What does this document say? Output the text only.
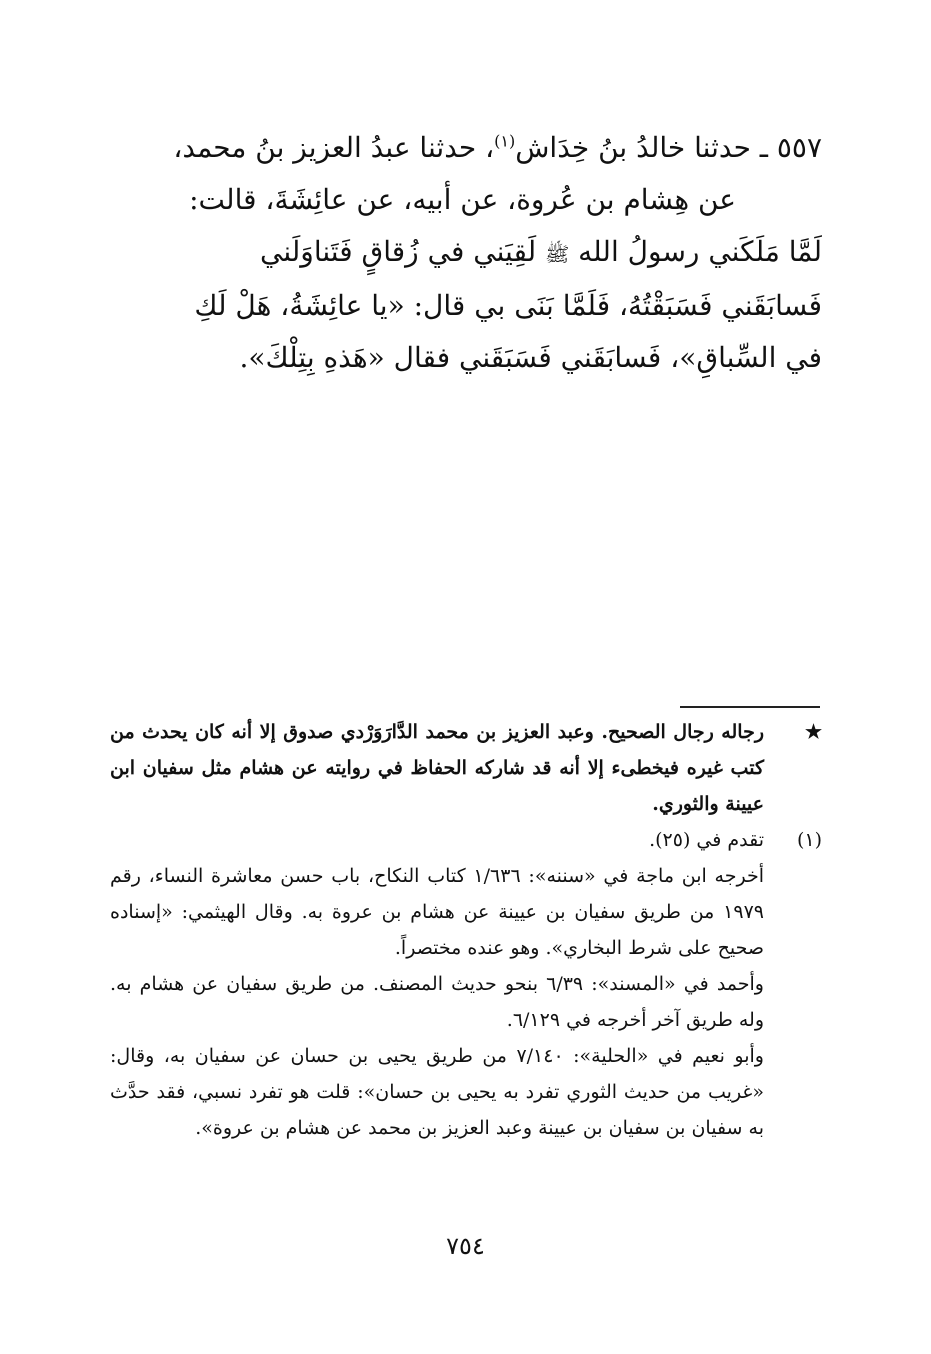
٥٥٧ ـ حدثنا خالدُ بنُ خِدَاش$^{(١)}$، حدثنا عبدُ العزيز بنُ محمد،
عن هِشام بن عُروة، عن أبيه، عن عائِشَةَ، قالت:
لَمَّا مَلَكَني رسولُ الله ﷺ لَقِيَني في زُقاقٍ فَتَناوَلَني
فَسابَقَني فَسَبَقْتُهُ، فَلَمَّا بَنَى بي قال: «يا عائِشَةُ، هَلْ لَكِ
في السِّباقِ»، فَسابَقَني فَسَبَقَني فقال «هَذهِ بِتِلْكَ».
★
رجاله رجال الصحيح. وعبد العزيز بن محمد الدَّارَوَرْدي صدوق إلا أنه كان يحدث من كتب غيره فيخطىء إلا أنه قد شاركه الحفاظ في روايته عن هشام مثل سفيان ابن عيينة والثوري.
(١)
تقدم في (٢٥).
أخرجه ابن ماجة في «سننه»: ١/٦٣٦ كتاب النكاح، باب حسن معاشرة النساء، رقم ١٩٧٩ من طريق سفيان بن عيينة عن هشام بن عروة به. وقال الهيثمي: «إسناده صحيح على شرط البخاري». وهو عنده مختصراً.
وأحمد في «المسند»: ٦/٣٩ بنحو حديث المصنف. من طريق سفيان عن هشام به. وله طريق آخر أخرجه في ٦/١٢٩.
وأبو نعيم في «الحلية»: ٧/١٤٠ من طريق يحيى بن حسان عن سفيان به، وقال: «غريب من حديث الثوري تفرد به يحيى بن حسان»: قلت هو تفرد نسبي، فقد حدَّث به سفيان بن سفيان بن عيينة وعبد العزيز بن محمد عن هشام بن عروة».
٧٥٤
